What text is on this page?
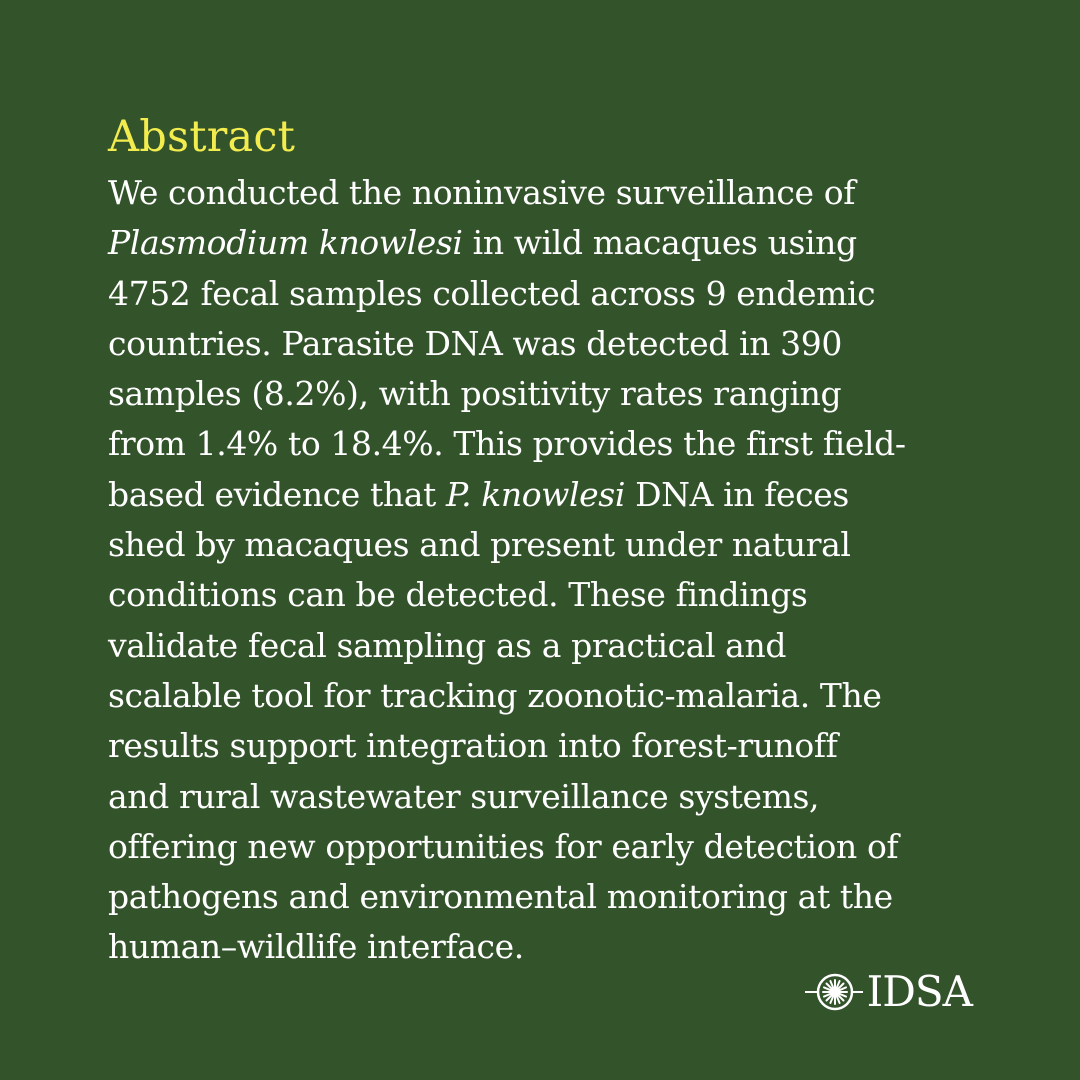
Abstract
We conducted the noninvasive surveillance of
Plasmodium knowlesi in wild macaques using
4752 fecal samples collected across 9 endemic
countries. Parasite DNA was detected in 390
samples (8.2%), with positivity rates ranging
from 1.4% to 18.4%. This provides the first field-
based evidence that P. knowlesi DNA in feces
shed by macaques and present under natural
conditions can be detected. These findings
validate fecal sampling as a practical and
scalable tool for tracking zoonotic-malaria. The
results support integration into forest-runoff
and rural wastewater surveillance systems,
offering new opportunities for early detection of
pathogens and environmental monitoring at the
human–wildlife interface.
IDSA
